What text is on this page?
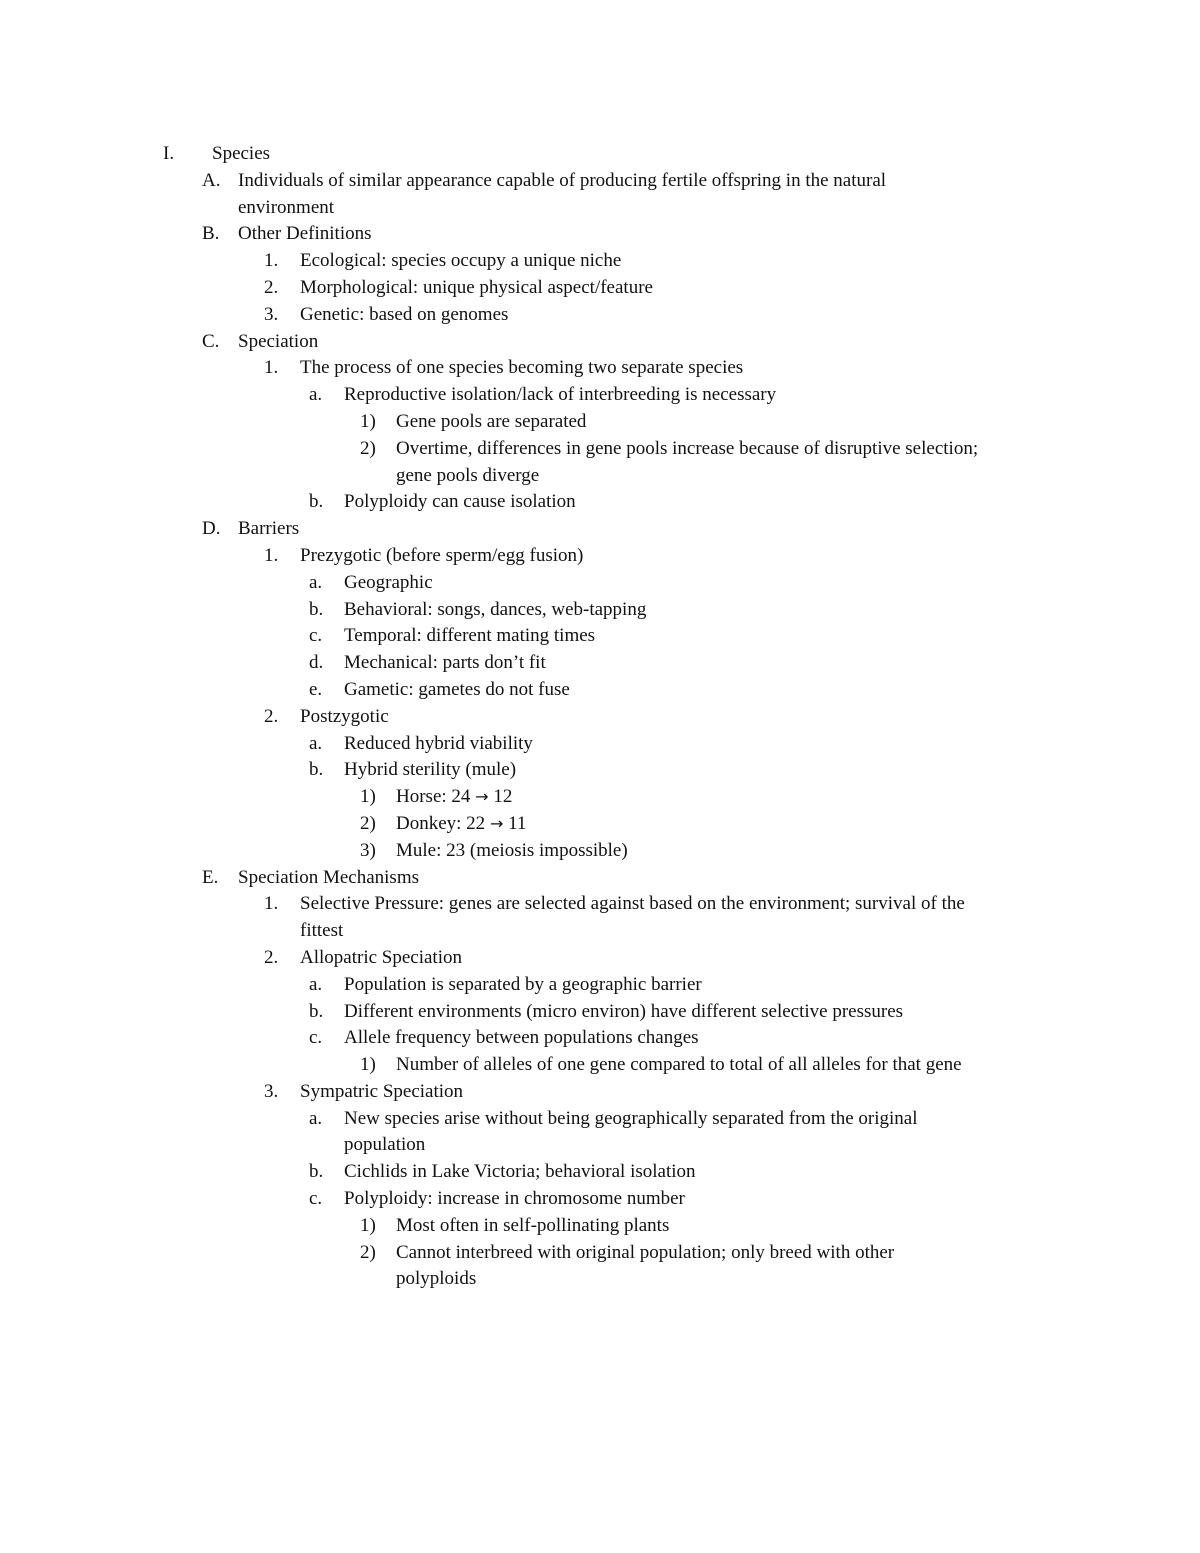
I. Species
A. Individuals of similar appearance capable of producing fertile offspring in the natural
environment
B. Other Definitions
1. Ecological: species occupy a unique niche
2. Morphological: unique physical aspect/feature
3. Genetic: based on genomes
C. Speciation
1. The process of one species becoming two separate species
a. Reproductive isolation/lack of interbreeding is necessary
1) Gene pools are separated
2) Overtime, differences in gene pools increase because of disruptive selection;
gene pools diverge
b. Polyploidy can cause isolation
D. Barriers
1. Prezygotic (before sperm/egg fusion)
a. Geographic
b. Behavioral: songs, dances, web-tapping
c. Temporal: different mating times
d. Mechanical: parts don’t fit
e. Gametic: gametes do not fuse
2. Postzygotic
a. Reduced hybrid viability
b. Hybrid sterility (mule)
1) Horse: 24 → 12
2) Donkey: 22 → 11
3) Mule: 23 (meiosis impossible)
E. Speciation Mechanisms
1. Selective Pressure: genes are selected against based on the environment; survival of the
fittest
2. Allopatric Speciation
a. Population is separated by a geographic barrier
b. Different environments (micro environ) have different selective pressures
c. Allele frequency between populations changes
1) Number of alleles of one gene compared to total of all alleles for that gene
3. Sympatric Speciation
a. New species arise without being geographically separated from the original
population
b. Cichlids in Lake Victoria; behavioral isolation
c. Polyploidy: increase in chromosome number
1) Most often in self-pollinating plants
2) Cannot interbreed with original population; only breed with other
polyploids
